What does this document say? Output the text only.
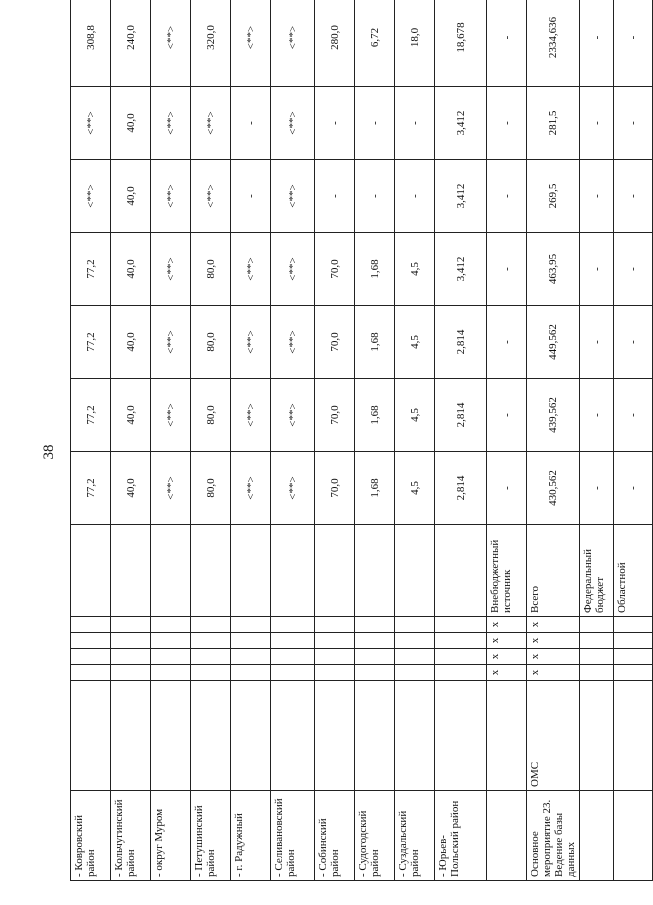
38
- Ковровский район							77,2	77,2	77,2	77,2	<**>	<**>	308,8
- Кольчугинский район							40,0	40,0	40,0	40,0	40,0	40,0	240,0
- округ Муром							<**>	<**>	<**>	<**>	<**>	<**>	<**>
- Петушинский район							80,0	80,0	80,0	80,0	<**>	<**>	320,0
- г. Радужный							<**>	<**>	<**>	<**>	-	-	<**>
- Селивановский район							<**>	<**>	<**>	<**>	<**>	<**>	<**>
- Собинский район							70,0	70,0	70,0	70,0	-	-	280,0
- Судогодский район							1,68	1,68	1,68	1,68	-	-	6,72
- Суздальский район							4,5	4,5	4,5	4,5	-	-	18,0
- Юрьев-Польский район							2,814	2,814	2,814	3,412	3,412	3,412	18,678
		x	x	x	x	Внебюджетный источник	-	-	-	-	-	-	-
Основное мероприятие 23. Ведение базы данных	ОМС	x	x	x	x	Всего	430,562	439,562	449,562	463,95	269,5	281,5	2334,636
						Федеральный бюджет	-	-	-	-	-	-	-
						Областной	-	-	-	-	-	-	-
